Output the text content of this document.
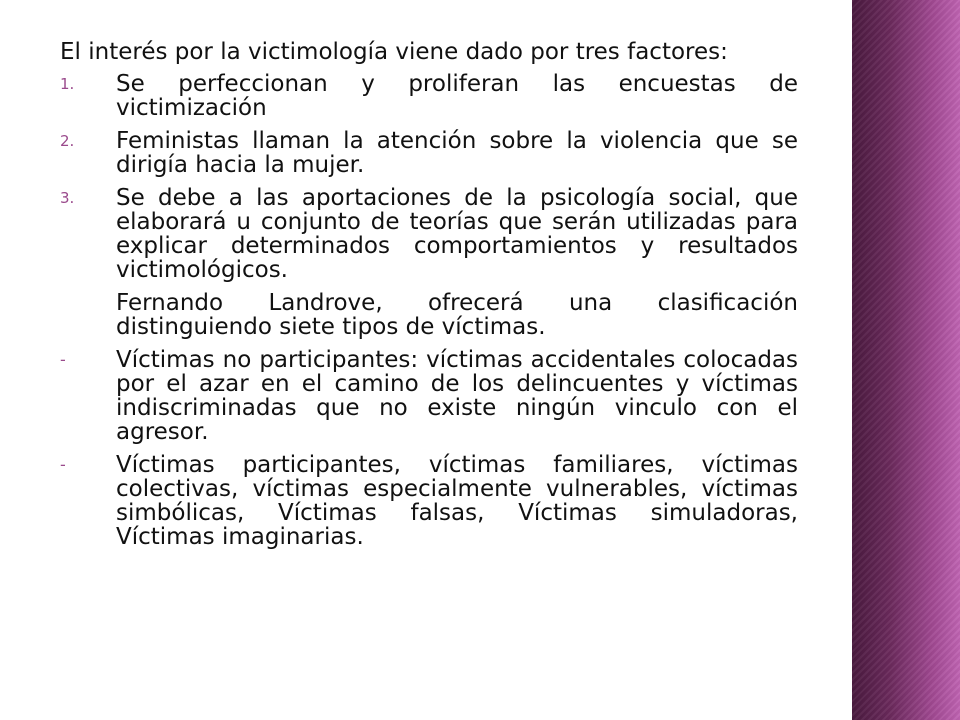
El interés por la victimología viene dado por tres factores:

1. Se perfeccionan y proliferan las encuestas de victimización
2. Feministas llaman la atención sobre la violencia que se dirigía hacia la mujer.
3. Se debe a las aportaciones de la psicología social, que elaborará u conjunto de teorías que serán utilizadas para explicar determinados comportamientos y resultados victimológicos.
Fernando Landrove, ofrecerá una clasificación distinguiendo siete tipos de víctimas.
- Víctimas no participantes: víctimas accidentales colocadas por el azar en el camino de los delincuentes y víctimas indiscriminadas que no existe ningún vinculo con el agresor.
- Víctimas participantes, víctimas familiares, víctimas colectivas, víctimas especialmente vulnerables, víctimas simbólicas, Víctimas falsas, Víctimas simuladoras, Víctimas imaginarias.
